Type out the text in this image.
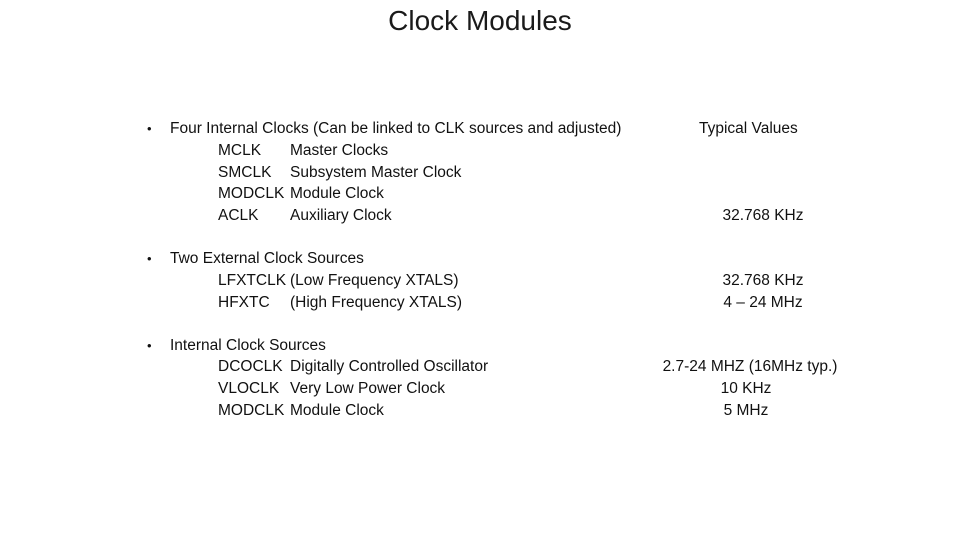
Clock Modules
Typical Values
• Four Internal Clocks (Can be linked to CLK sources and adjusted)
MCLK Master Clocks
SMCLK Subsystem Master Clock
MODCLK Module Clock
ACLK Auxiliary Clock	32.768 KHz
• Two External Clock Sources
LFXTCLK (Low Frequency XTALS)	32.768 KHz
HFXTC (High Frequency XTALS)	4 – 24 MHz
• Internal Clock Sources
DCOCLK Digitally Controlled Oscillator	2.7-24 MHZ (16MHz typ.)
VLOCLK Very Low Power Clock	10 KHz
MODCLK Module Clock	5 MHz
